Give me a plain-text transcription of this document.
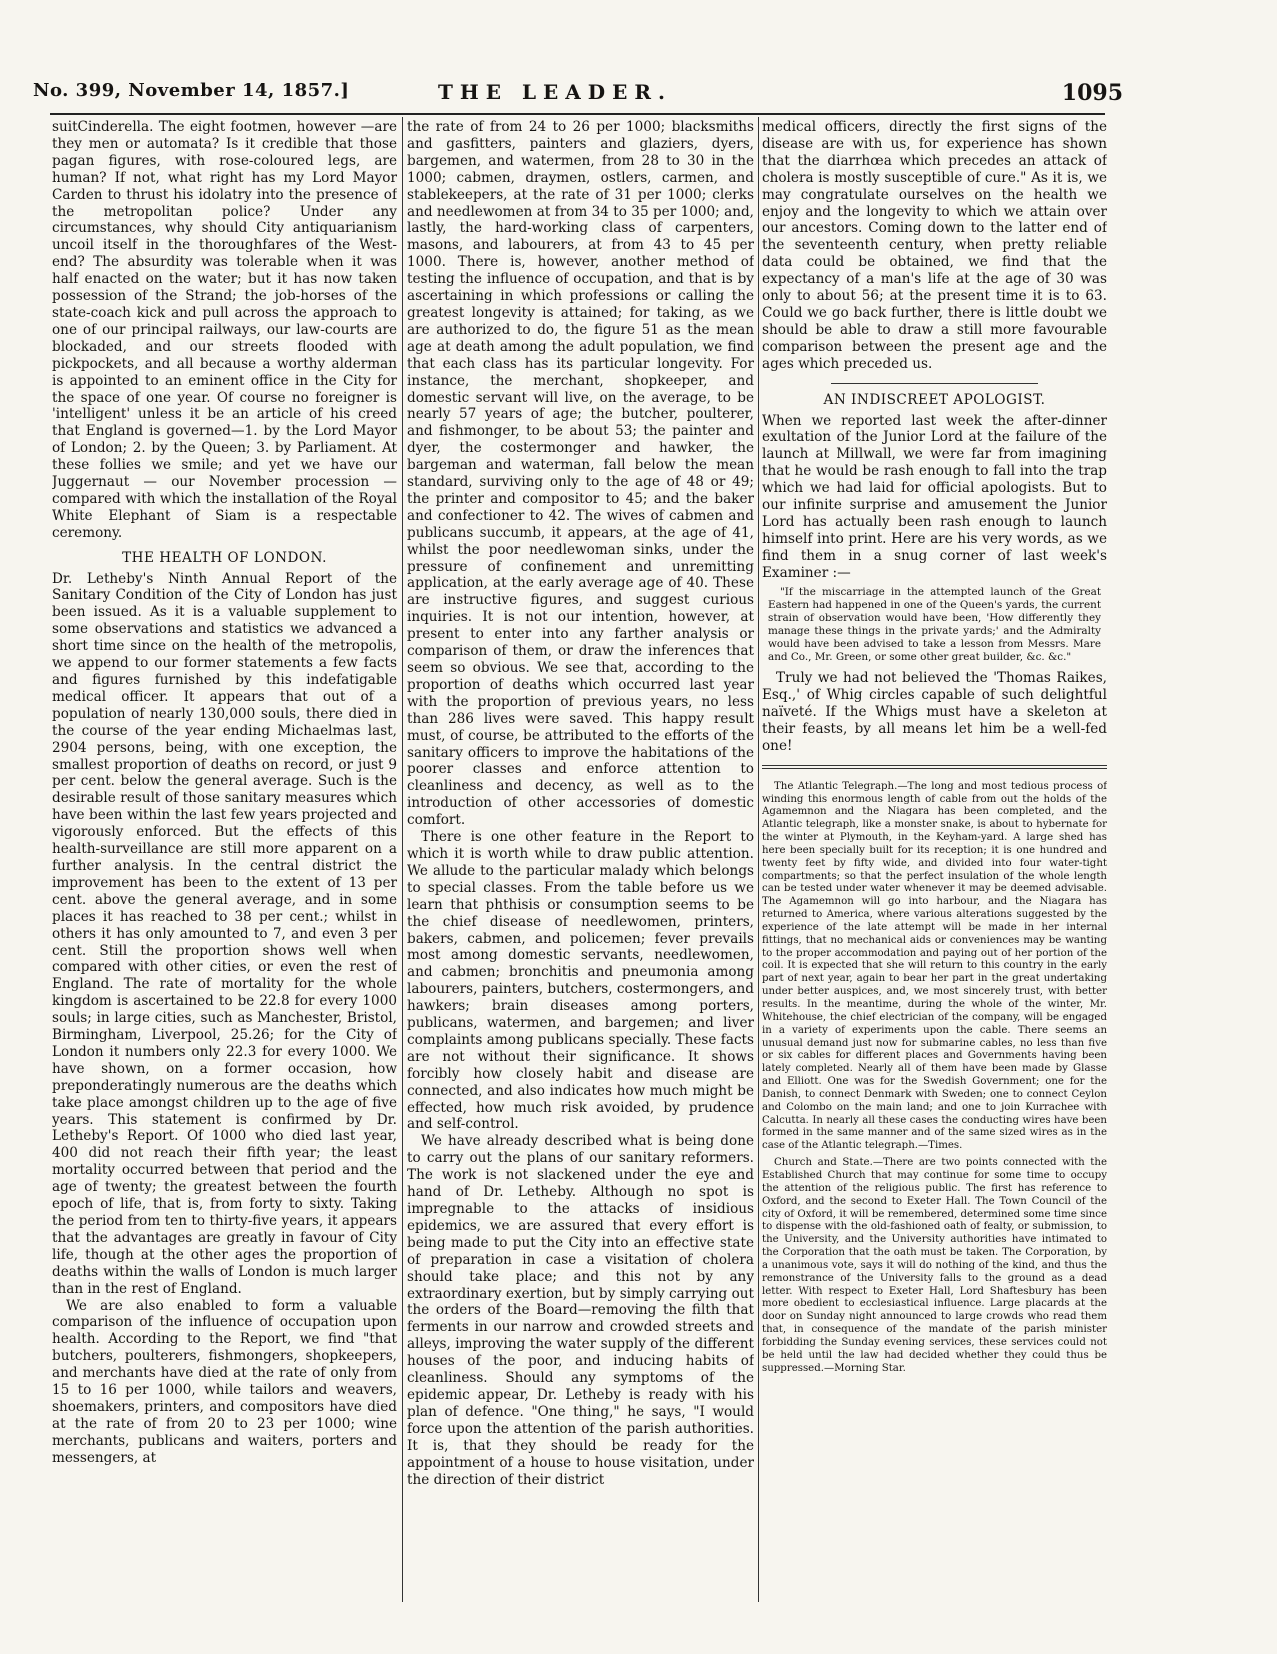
No. 399, November 14, 1857.]	THE LEADER.	1095

suitCinderella. The eight footmen, however —are they men or automata? Is it credible that those pagan figures, with rose-coloured legs, are human? If not, what right has my Lord Mayor Carden to thrust his idolatry into the presence of the metropolitan police? Under any circumstances, why should City antiquarianism uncoil itself in the thoroughfares of the West-end? The absurdity was tolerable when it was half enacted on the water; but it has now taken possession of the Strand; the job-horses of the state-coach kick and pull across the approach to one of our principal railways, our law-courts are blockaded, and our streets flooded with pickpockets, and all because a worthy alderman is appointed to an eminent office in the City for the space of one year. Of course no foreigner is 'intelligent' unless it be an article of his creed that England is governed—1. by the Lord Mayor of London; 2. by the Queen; 3. by Parliament. At these follies we smile; and yet we have our Juggernaut — our November procession — compared with which the installation of the Royal White Elephant of Siam is a respectable ceremony.

THE HEALTH OF LONDON.

Dr. Letheby's Ninth Annual Report of the Sanitary Condition of the City of London has just been issued. As it is a valuable supplement to some observations and statistics we advanced a short time since on the health of the metropolis, we append to our former statements a few facts and figures furnished by this indefatigable medical officer. It appears that out of a population of nearly 130,000 souls, there died in the course of the year ending Michaelmas last, 2904 persons, being, with one exception, the smallest proportion of deaths on record, or just 9 per cent. below the general average. Such is the desirable result of those sanitary measures which have been within the last few years projected and vigorously enforced. But the effects of this health-surveillance are still more apparent on a further analysis. In the central district the improvement has been to the extent of 13 per cent. above the general average, and in some places it has reached to 38 per cent.; whilst in others it has only amounted to 7, and even 3 per cent. Still the proportion shows well when compared with other cities, or even the rest of England. The rate of mortality for the whole kingdom is ascertained to be 22.8 for every 1000 souls; in large cities, such as Manchester, Bristol, Birmingham, Liverpool, 25.26; for the City of London it numbers only 22.3 for every 1000. We have shown, on a former occasion, how preponderatingly numerous are the deaths which take place amongst children up to the age of five years. This statement is confirmed by Dr. Letheby's Report. Of 1000 who died last year, 400 did not reach their fifth year; the least mortality occurred between that period and the age of twenty; the greatest between the fourth epoch of life, that is, from forty to sixty. Taking the period from ten to thirty-five years, it appears that the advantages are greatly in favour of City life, though at the other ages the proportion of deaths within the walls of London is much larger than in the rest of England.

We are also enabled to form a valuable comparison of the influence of occupation upon health. According to the Report, we find "that butchers, poulterers, fishmongers, shopkeepers, and merchants have died at the rate of only from 15 to 16 per 1000, while tailors and weavers, shoemakers, printers, and compositors have died at the rate of from 20 to 23 per 1000; wine merchants, publicans and waiters, porters and messengers, at

the rate of from 24 to 26 per 1000; blacksmiths and gasfitters, painters and glaziers, dyers, bargemen, and watermen, from 28 to 30 in the 1000; cabmen, draymen, ostlers, carmen, and stablekeepers, at the rate of 31 per 1000; clerks and needlewomen at from 34 to 35 per 1000; and, lastly, the hard-working class of carpenters, masons, and labourers, at from 43 to 45 per 1000. There is, however, another method of testing the influence of occupation, and that is by ascertaining in which professions or calling the greatest longevity is attained; for taking, as we are authorized to do, the figure 51 as the mean age at death among the adult population, we find that each class has its particular longevity. For instance, the merchant, shopkeeper, and domestic servant will live, on the average, to be nearly 57 years of age; the butcher, poulterer, and fishmonger, to be about 53; the painter and dyer, the costermonger and hawker, the bargeman and waterman, fall below the mean standard, surviving only to the age of 48 or 49; the printer and compositor to 45; and the baker and confectioner to 42. The wives of cabmen and publicans succumb, it appears, at the age of 41, whilst the poor needlewoman sinks, under the pressure of confinement and unremitting application, at the early average age of 40. These are instructive figures, and suggest curious inquiries. It is not our intention, however, at present to enter into any farther analysis or comparison of them, or draw the inferences that seem so obvious. We see that, according to the proportion of deaths which occurred last year with the proportion of previous years, no less than 286 lives were saved. This happy result must, of course, be attributed to the efforts of the sanitary officers to improve the habitations of the poorer classes and enforce attention to cleanliness and decency, as well as to the introduction of other accessories of domestic comfort.

There is one other feature in the Report to which it is worth while to draw public attention. We allude to the particular malady which belongs to special classes. From the table before us we learn that phthisis or consumption seems to be the chief disease of needlewomen, printers, bakers, cabmen, and policemen; fever prevails most among domestic servants, needlewomen, and cabmen; bronchitis and pneumonia among labourers, painters, butchers, costermongers, and hawkers; brain diseases among porters, publicans, watermen, and bargemen; and liver complaints among publicans specially. These facts are not without their significance. It shows forcibly how closely habit and disease are connected, and also indicates how much might be effected, how much risk avoided, by prudence and self-control.

We have already described what is being done to carry out the plans of our sanitary reformers. The work is not slackened under the eye and hand of Dr. Letheby. Although no spot is impregnable to the attacks of insidious epidemics, we are assured that every effort is being made to put the City into an effective state of preparation in case a visitation of cholera should take place; and this not by any extraordinary exertion, but by simply carrying out the orders of the Board—removing the filth that ferments in our narrow and crowded streets and alleys, improving the water supply of the different houses of the poor, and inducing habits of cleanliness. Should any symptoms of the epidemic appear, Dr. Letheby is ready with his plan of defence. "One thing," he says, "I would force upon the attention of the parish authorities. It is, that they should be ready for the appointment of a house to house visitation, under the direction of their district

medical officers, directly the first signs of the disease are with us, for experience has shown that the diarrhœa which precedes an attack of cholera is mostly susceptible of cure." As it is, we may congratulate ourselves on the health we enjoy and the longevity to which we attain over our ancestors. Coming down to the latter end of the seventeenth century, when pretty reliable data could be obtained, we find that the expectancy of a man's life at the age of 30 was only to about 56; at the present time it is to 63. Could we go back further, there is little doubt we should be able to draw a still more favourable comparison between the present age and the ages which preceded us.

AN INDISCREET APOLOGIST.

When we reported last week the after-dinner exultation of the Junior Lord at the failure of the launch at Millwall, we were far from imagining that he would be rash enough to fall into the trap which we had laid for official apologists. But to our infinite surprise and amusement the Junior Lord has actually been rash enough to launch himself into print. Here are his very words, as we find them in a snug corner of last week's Examiner :—

"If the miscarriage in the attempted launch of the Great Eastern had happened in one of the Queen's yards, the current strain of observation would have been, 'How differently they manage these things in the private yards;' and the Admiralty would have been advised to take a lesson from Messrs. Mare and Co., Mr. Green, or some other great builder, &c. &c."

Truly we had not believed the 'Thomas Raikes, Esq.,' of Whig circles capable of such delightful naïveté. If the Whigs must have a skeleton at their feasts, by all means let him be a well-fed one!

The Atlantic Telegraph.—The long and most tedious process of winding this enormous length of cable from out the holds of the Agamemnon and the Niagara has been completed, and the Atlantic telegraph, like a monster snake, is about to hybernate for the winter at Plymouth, in the Keyham-yard. A large shed has here been specially built for its reception; it is one hundred and twenty feet by fifty wide, and divided into four water-tight compartments; so that the perfect insulation of the whole length can be tested under water whenever it may be deemed advisable. The Agamemnon will go into harbour, and the Niagara has returned to America, where various alterations suggested by the experience of the late attempt will be made in her internal fittings, that no mechanical aids or conveniences may be wanting to the proper accommodation and paying out of her portion of the coil. It is expected that she will return to this country in the early part of next year, again to bear her part in the great undertaking under better auspices, and, we most sincerely trust, with better results. In the meantime, during the whole of the winter, Mr. Whitehouse, the chief electrician of the company, will be engaged in a variety of experiments upon the cable. There seems an unusual demand just now for submarine cables, no less than five or six cables for different places and Governments having been lately completed. Nearly all of them have been made by Glasse and Elliott. One was for the Swedish Government; one for the Danish, to connect Denmark with Sweden; one to connect Ceylon and Colombo on the main land; and one to join Kurrachee with Calcutta. In nearly all these cases the conducting wires have been formed in the same manner and of the same sized wires as in the case of the Atlantic telegraph.—Times.

Church and State.—There are two points connected with the Established Church that may continue for some time to occupy the attention of the religious public. The first has reference to Oxford, and the second to Exeter Hall. The Town Council of the city of Oxford, it will be remembered, determined some time since to dispense with the old-fashioned oath of fealty, or submission, to the University, and the University authorities have intimated to the Corporation that the oath must be taken. The Corporation, by a unanimous vote, says it will do nothing of the kind, and thus the remonstrance of the University falls to the ground as a dead letter. With respect to Exeter Hall, Lord Shaftesbury has been more obedient to ecclesiastical influence. Large placards at the door on Sunday night announced to large crowds who read them that, in consequence of the mandate of the parish minister forbidding the Sunday evening services, these services could not be held until the law had decided whether they could thus be suppressed.—Morning Star.
